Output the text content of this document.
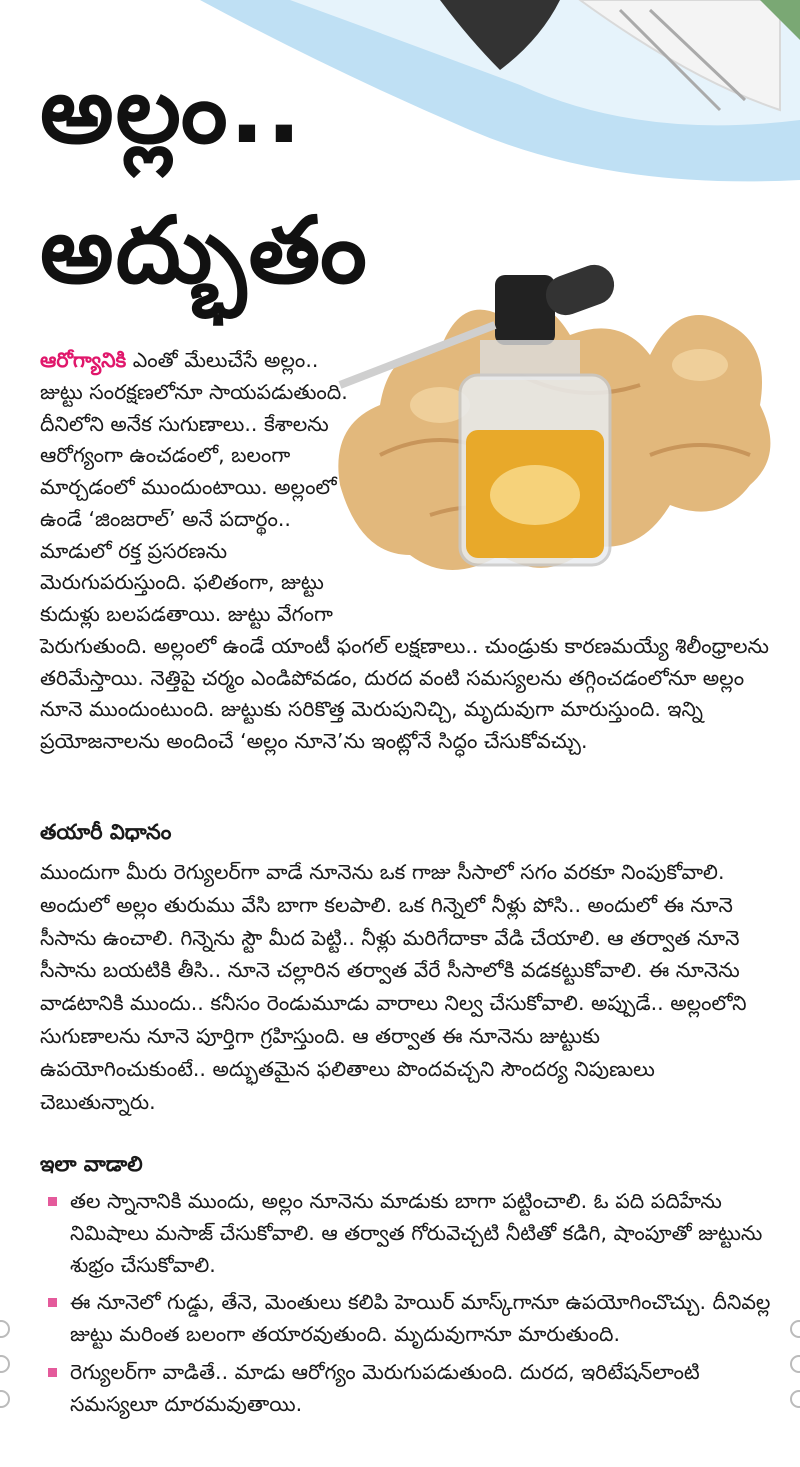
అల్లం..
అద్భుతం

ఆరోగ్యానికి ఎంతో మేలుచేసే అల్లం.. జుట్టు సంరక్షణలోనూ సాయపడుతుంది. దీనిలోని అనేక సుగుణాలు.. కేశాలను ఆరోగ్యంగా ఉంచడంలో, బలంగా మార్చడంలో ముందుంటాయి. అల్లంలో ఉండే ‘జింజరాల్’ అనే పదార్థం.. మాడులో రక్త ప్రసరణను మెరుగుపరుస్తుంది. ఫలితంగా, జుట్టు కుదుళ్లు బలపడతాయి. జుట్టు వేగంగా పెరుగుతుంది. అల్లంలో ఉండే యాంటీ ఫంగల్ లక్షణాలు.. చుండ్రుకు కారణమయ్యే శిలీంధ్రాలను తరిమేస్తాయి. నెత్తిపై చర్మం ఎండిపోవడం, దురద వంటి సమస్యలను తగ్గించడంలోనూ అల్లం నూనె ముందుంటుంది. జుట్టుకు సరికొత్త మెరుపునిచ్చి, మృదువుగా మారుస్తుంది. ఇన్ని ప్రయోజనాలను అందించే ‘అల్లం నూనె’ను ఇంట్లోనే సిద్ధం చేసుకోవచ్చు.

తయారీ విధానం

ముందుగా మీరు రెగ్యులర్‌గా వాడే నూనెను ఒక గాజు సీసాలో సగం వరకూ నింపుకోవాలి. అందులో అల్లం తురుము వేసి బాగా కలపాలి. ఒక గిన్నెలో నీళ్లు పోసి.. అందులో ఈ నూనె సీసాను ఉంచాలి. గిన్నెను స్టౌ మీద పెట్టి.. నీళ్లు మరిగేదాకా వేడి చేయాలి. ఆ తర్వాత నూనె సీసాను బయటికి తీసి.. నూనె చల్లారిన తర్వాత వేరే సీసాలోకి వడకట్టుకోవాలి. ఈ నూనెను వాడటానికి ముందు.. కనీసం రెండుమూడు వారాలు నిల్వ చేసుకోవాలి. అప్పుడే.. అల్లంలోని సుగుణాలను నూనె పూర్తిగా గ్రహిస్తుంది. ఆ తర్వాత ఈ నూనెను జుట్టుకు ఉపయోగించుకుంటే.. అద్భుతమైన ఫలితాలు పొందవచ్చని సౌందర్య నిపుణులు చెబుతున్నారు.

ఇలా వాడాలి
తల స్నానానికి ముందు, అల్లం నూనెను మాడుకు బాగా పట్టించాలి. ఓ పది పదిహేను నిమిషాలు మసాజ్ చేసుకోవాలి. ఆ తర్వాత గోరువెచ్చటి నీటితో కడిగి, షాంపూతో జుట్టును శుభ్రం చేసుకోవాలి.
ఈ నూనెలో గుడ్డు, తేనె, మెంతులు కలిపి హెయిర్ మాస్క్‌గానూ ఉపయోగించొచ్చు. దీనివల్ల జుట్టు మరింత బలంగా తయారవుతుంది. మృదువుగానూ మారుతుంది.
రెగ్యులర్‌గా వాడితే.. మాడు ఆరోగ్యం మెరుగుపడుతుంది. దురద, ఇరిటేషన్‌లాంటి సమస్యలూ దూరమవుతాయి.
